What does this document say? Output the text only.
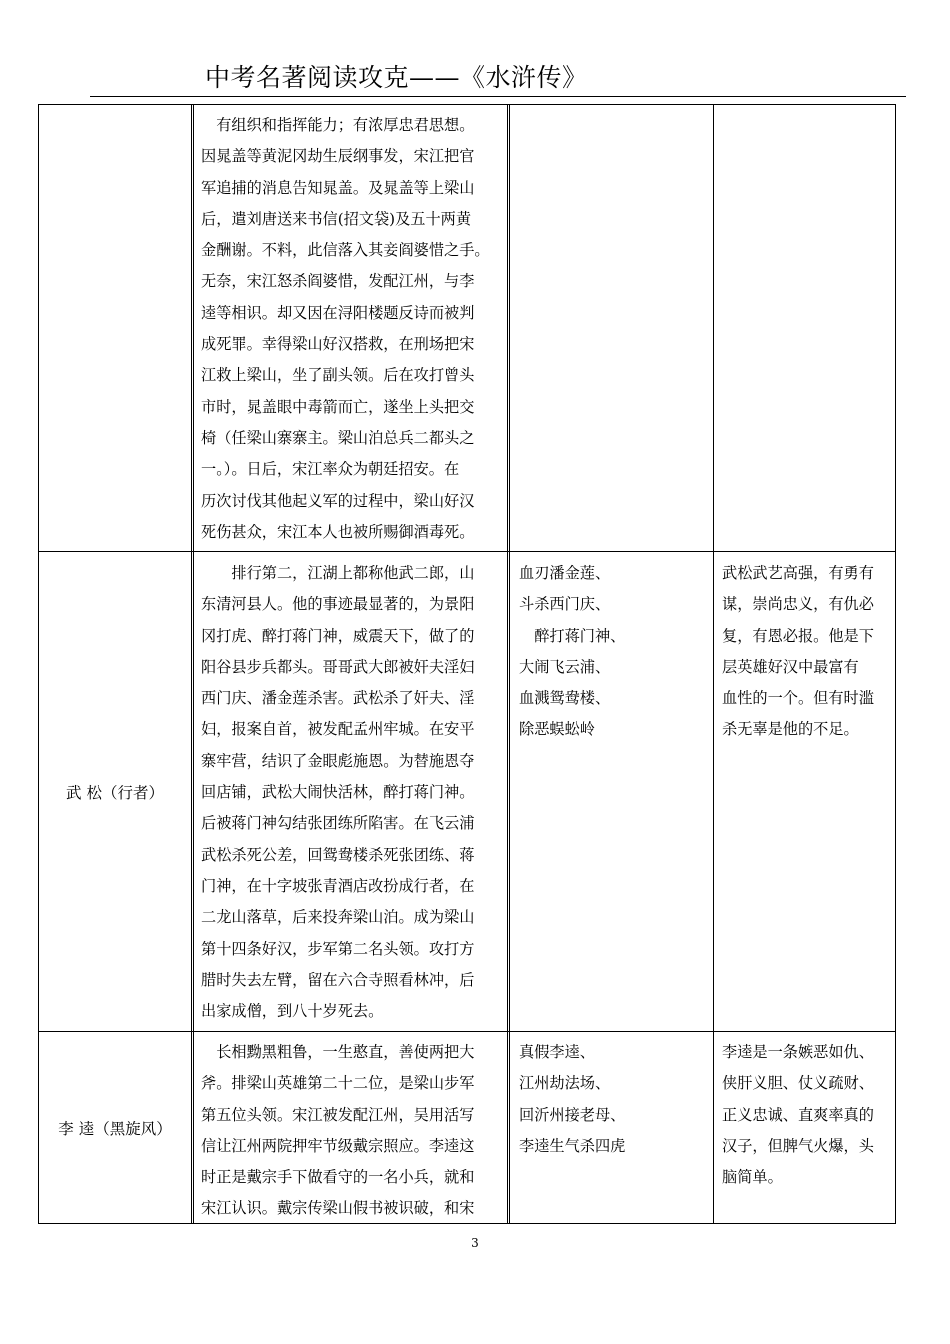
中考名著阅读攻克——《水浒传》
　有组织和指挥能力；有浓厚忠君思想。
因晁盖等黄泥冈劫生辰纲事发，宋江把官
军追捕的消息告知晁盖。及晁盖等上梁山
后，遣刘唐送来书信(招文袋)及五十两黄
金酬谢。不料，此信落入其妾阎婆惜之手。
无奈，宋江怒杀阎婆惜，发配江州，与李
逵等相识。却又因在浔阳楼题反诗而被判
成死罪。幸得梁山好汉搭救，在刑场把宋
江救上梁山，坐了副头领。后在攻打曾头
市时，晁盖眼中毒箭而亡，遂坐上头把交
椅（任梁山寨寨主。梁山泊总兵二都头之
一。）。日后，宋江率众为朝廷招安。在
历次讨伐其他起义军的过程中，梁山好汉
死伤甚众，宋江本人也被所赐御酒毒死。
武 松（行者）
　　排行第二，江湖上都称他武二郎，山
东清河县人。他的事迹最显著的，为景阳
冈打虎、醉打蒋门神，威震天下，做了的
阳谷县步兵都头。哥哥武大郎被奸夫淫妇
西门庆、潘金莲杀害。武松杀了奸夫、淫
妇，报案自首，被发配孟州牢城。在安平
寨牢营，结识了金眼彪施恩。为替施恩夺
回店铺，武松大闹快活林，醉打蒋门神。
后被蒋门神勾结张团练所陷害。在飞云浦
武松杀死公差，回鸳鸯楼杀死张团练、蒋
门神，在十字坡张青酒店改扮成行者，在
二龙山落草，后来投奔梁山泊。成为梁山
第十四条好汉，步军第二名头领。攻打方
腊时失去左臂，留在六合寺照看林冲，后
出家成僧，到八十岁死去。
血刃潘金莲、
斗杀西门庆、
　醉打蒋门神、
大闹飞云浦、
血溅鸳鸯楼、
除恶蜈蚣岭
武松武艺高强，有勇有
谋，崇尚忠义，有仇必
复，有恩必报。他是下
层英雄好汉中最富有
血性的一个。但有时滥
杀无辜是他的不足。
李 逵（黑旋风）
　长相黝黑粗鲁，一生憨直，善使两把大
斧。排梁山英雄第二十二位，是梁山步军
第五位头领。宋江被发配江州，吴用活写
信让江州两院押牢节级戴宗照应。李逵这
时正是戴宗手下做看守的一名小兵，就和
宋江认识。戴宗传梁山假书被识破，和宋
真假李逵、
江州劫法场、
回沂州接老母、
李逵生气杀四虎
李逵是一条嫉恶如仇、
侠肝义胆、仗义疏财、
正义忠诚、直爽率真的
汉子，但脾气火爆，头
脑简单。
3
